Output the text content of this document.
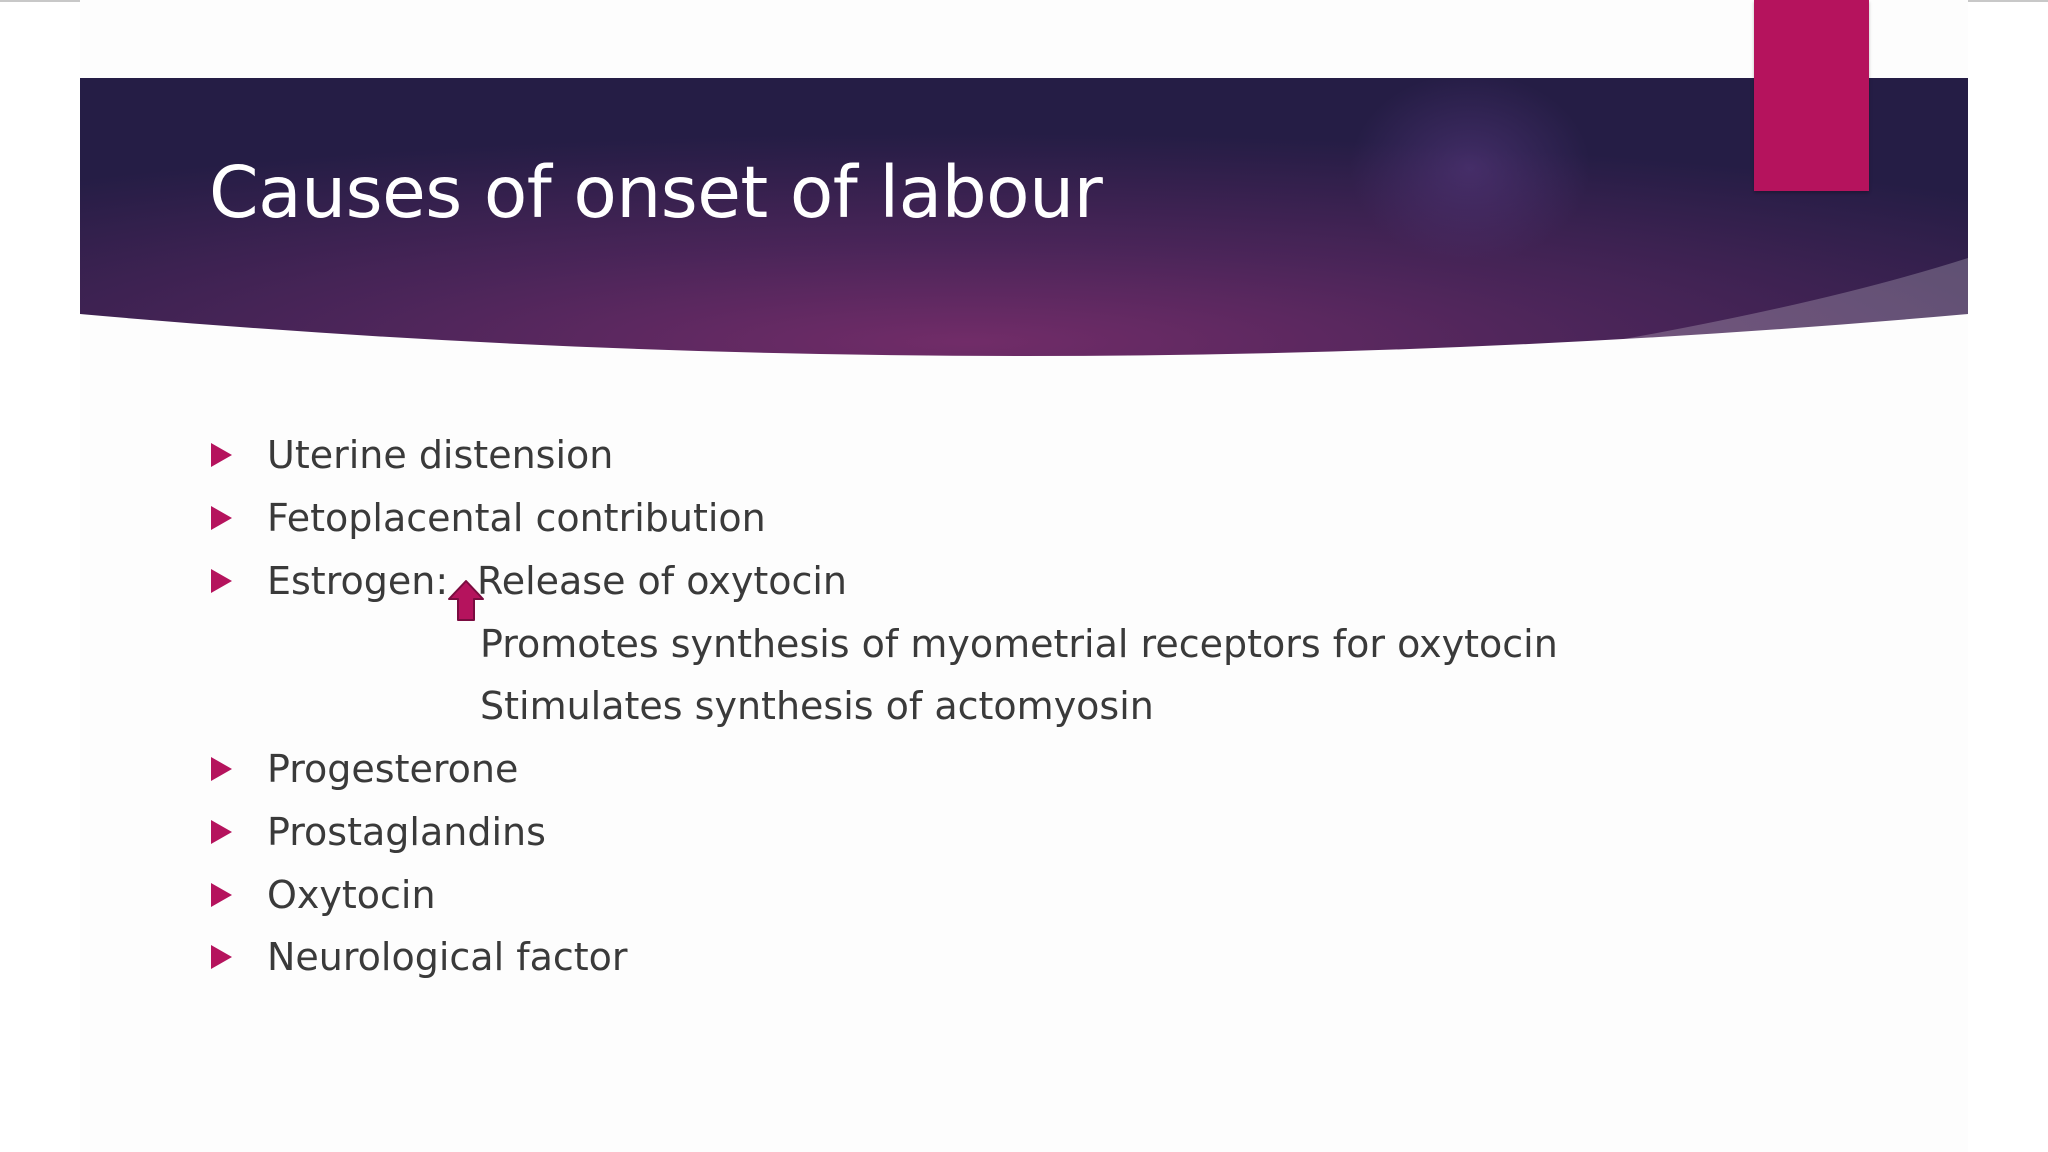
Causes of onset of labour
Uterine distension
Fetoplacental contribution
Estrogen: Release of oxytocin
Promotes synthesis of myometrial receptors for oxytocin
Stimulates synthesis of actomyosin
Progesterone
Prostaglandins
Oxytocin
Neurological factor
